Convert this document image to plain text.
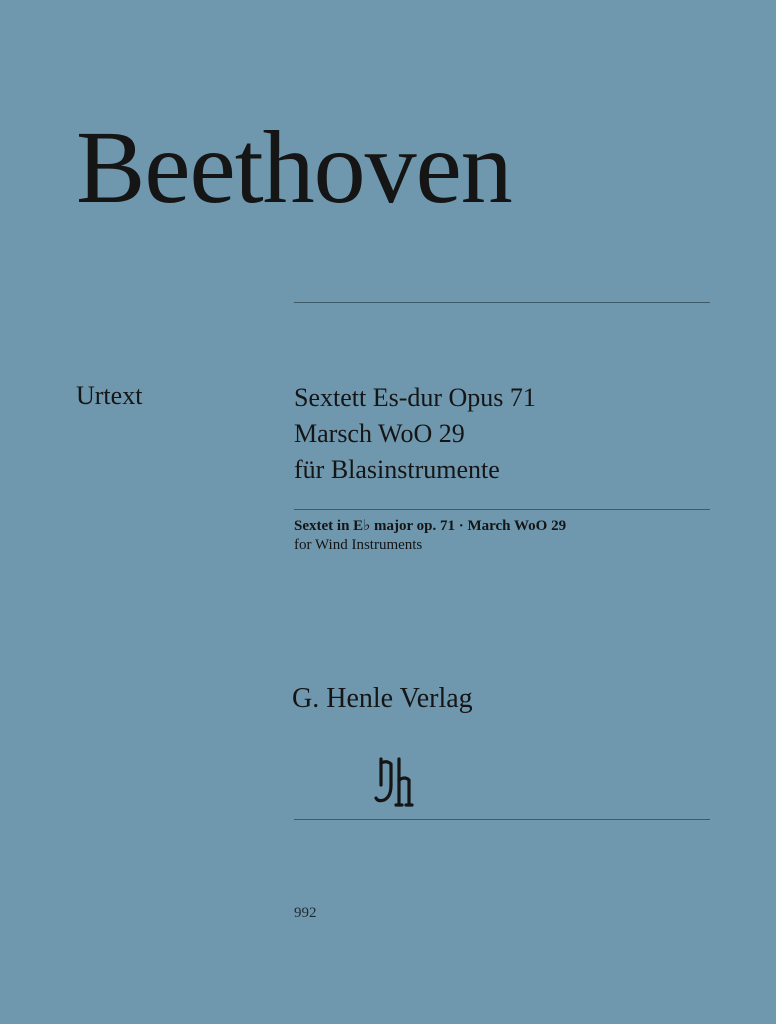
Beethoven
Urtext	Sextett Es-dur Opus 71
Marsch WoO 29
für Blasinstrumente
Sextet in E♭ major op. 71 · March WoO 29
for Wind Instruments
G. Henle Verlag
992
